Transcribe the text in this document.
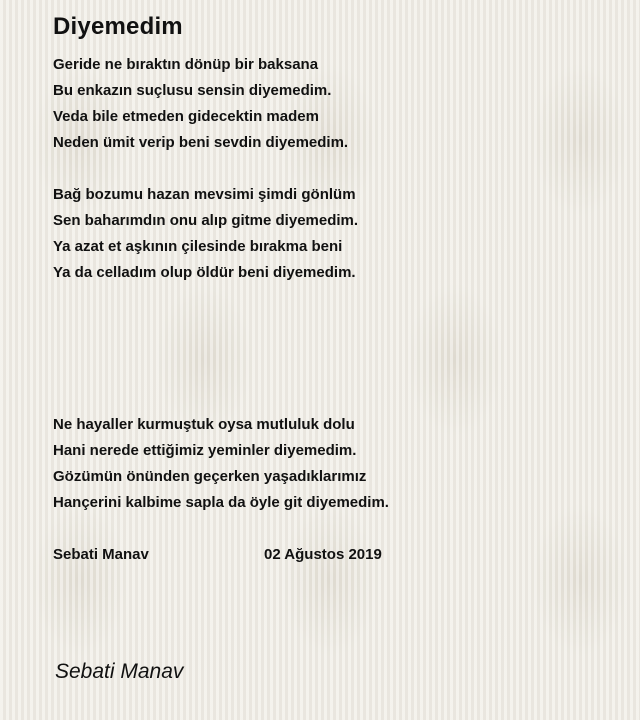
Diyemedim
Geride ne bıraktın dönüp bir baksana
Bu enkazın suçlusu sensin diyemedim.
Veda bile etmeden gidecektin madem
Neden ümit verip beni sevdin diyemedim.
Bağ bozumu hazan mevsimi şimdi gönlüm
Sen baharımdın onu alıp gitme diyemedim.
Ya azat et aşkının çilesinde bırakma beni
Ya da celladım olup öldür beni diyemedim.
Ne hayaller kurmuştuk oysa mutluluk dolu
Hani nerede ettiğimiz yeminler diyemedim.
Gözümün önünden geçerken yaşadıklarımız
Hançerini kalbime sapla da öyle git diyemedim.
Sebati Manav	02 Ağustos 2019
Sebati Manav
